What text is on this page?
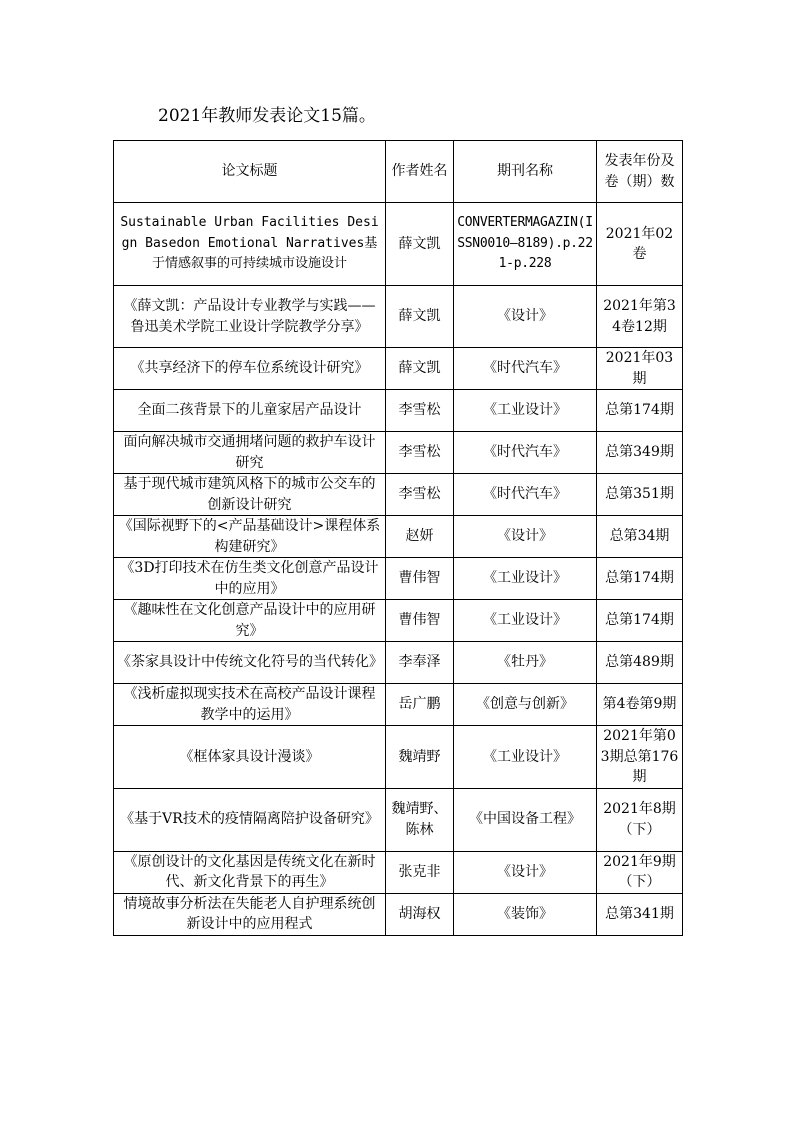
2021年教师发表论文15篇。
论文标题	作者姓名	期刊名称	发表年份及卷（期）数
Sustainable Urban Facilities Design Basedon Emotional Narratives基于情感叙事的可持续城市设施设计	薛文凯	CONVERTERMAGAZIN(ISSN0010—8189).p.221-p.228	2021年02卷
《薛文凯：产品设计专业教学与实践——鲁迅美术学院工业设计学院教学分享》	薛文凯	《设计》	2021年第34卷12期
《共享经济下的停车位系统设计研究》	薛文凯	《时代汽车》	2021年03期
全面二孩背景下的儿童家居产品设计	李雪松	《工业设计》	总第174期
面向解决城市交通拥堵问题的救护车设计研究	李雪松	《时代汽车》	总第349期
基于现代城市建筑风格下的城市公交车的创新设计研究	李雪松	《时代汽车》	总第351期
《国际视野下的<产品基础设计>课程体系构建研究》	赵妍	《设计》	总第34期
《3D打印技术在仿生类文化创意产品设计中的应用》	曹伟智	《工业设计》	总第174期
《趣味性在文化创意产品设计中的应用研究》	曹伟智	《工业设计》	总第174期
《茶家具设计中传统文化符号的当代转化》	李奉泽	《牡丹》	总第489期
《浅析虚拟现实技术在高校产品设计课程教学中的运用》	岳广鹏	《创意与创新》	第4卷第9期
《框体家具设计漫谈》	魏靖野	《工业设计》	2021年第03期总第176期
《基于VR技术的疫情隔离陪护设备研究》	魏靖野、陈林	《中国设备工程》	2021年8期（下）
《原创设计的文化基因是传统文化在新时代、新文化背景下的再生》	张克非	《设计》	2021年9期（下）
情境故事分析法在失能老人自护理系统创新设计中的应用程式	胡海权	《装饰》	总第341期
